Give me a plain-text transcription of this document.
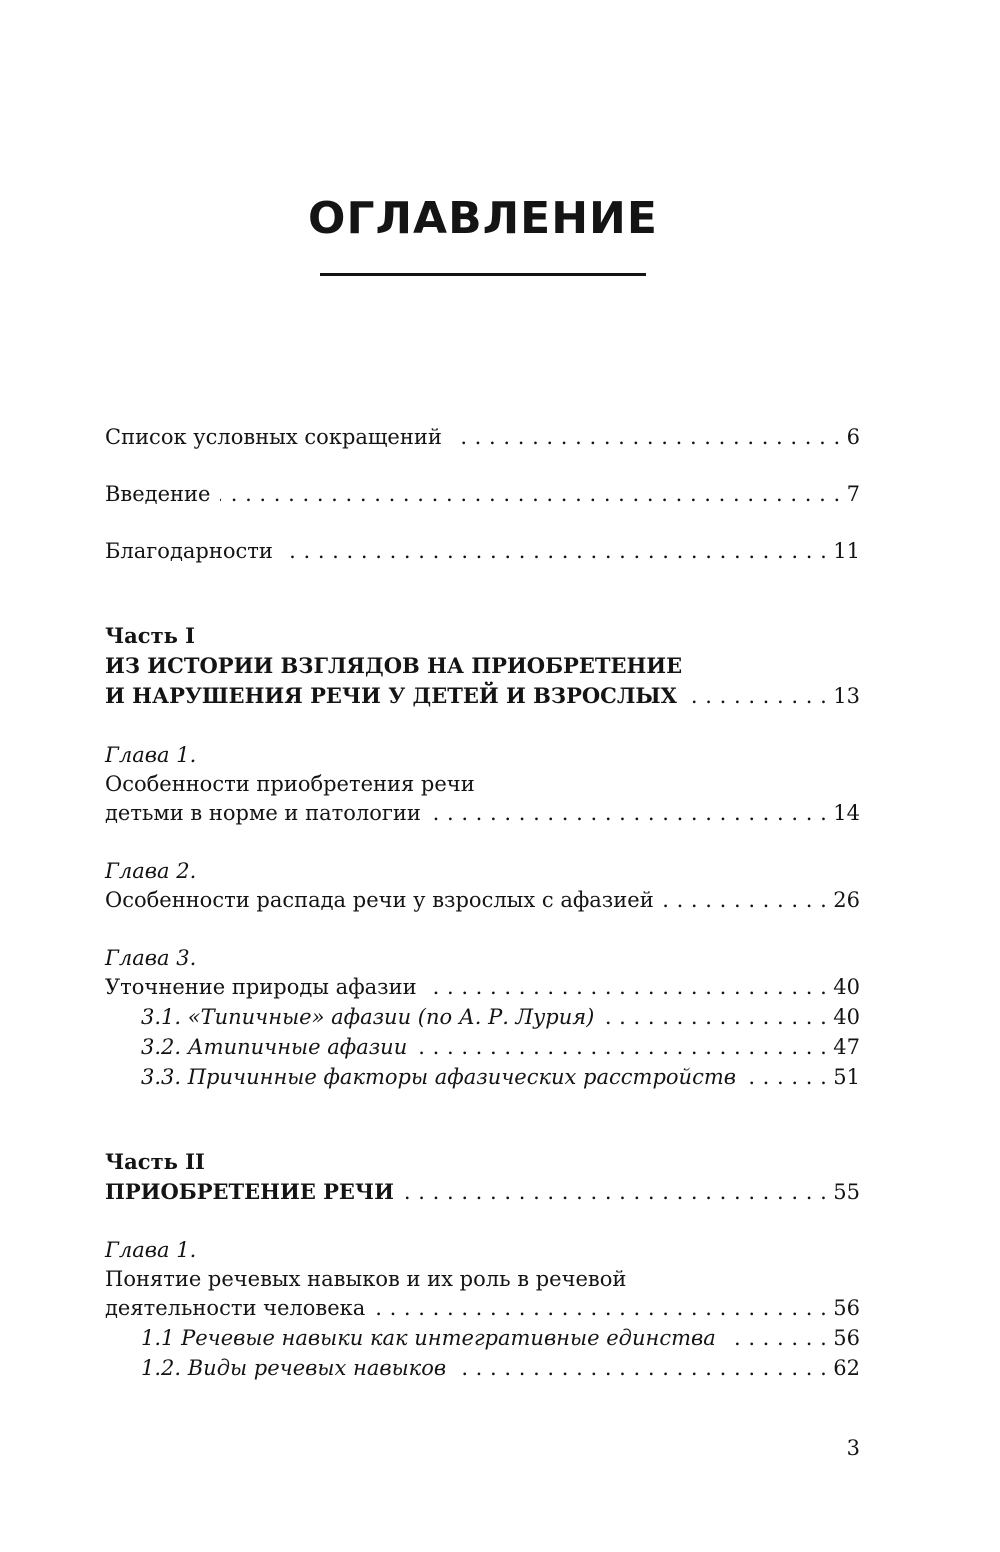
ОГЛАВЛЕНИЕ
Список условных сокращений . . .	6
Введение . . .	7
Благодарности . . .	11
Часть I
ИЗ ИСТОРИИ ВЗГЛЯДОВ НА ПРИОБРЕТЕНИЕ
И НАРУШЕНИЯ РЕЧИ У ДЕТЕЙ И ВЗРОСЛЫХ . . .	13
Глава 1.
Особенности приобретения речи
детьми в норме и патологии . . .	14
Глава 2.
Особенности распада речи у взрослых с афазией . . .	26
Глава 3.
Уточнение природы афазии . . .	40
3.1. «Типичные» афазии (по А. Р. Лурия) . . .	40
3.2. Атипичные афазии . . .	47
3.3. Причинные факторы афазических расстройств . . .	51
Часть II
ПРИОБРЕТЕНИЕ РЕЧИ . . .	55
Глава 1.
Понятие речевых навыков и их роль в речевой
деятельности человека . . .	56
1.1 Речевые навыки как интегративные единства . . .	56
1.2. Виды речевых навыков . . .	62
3
